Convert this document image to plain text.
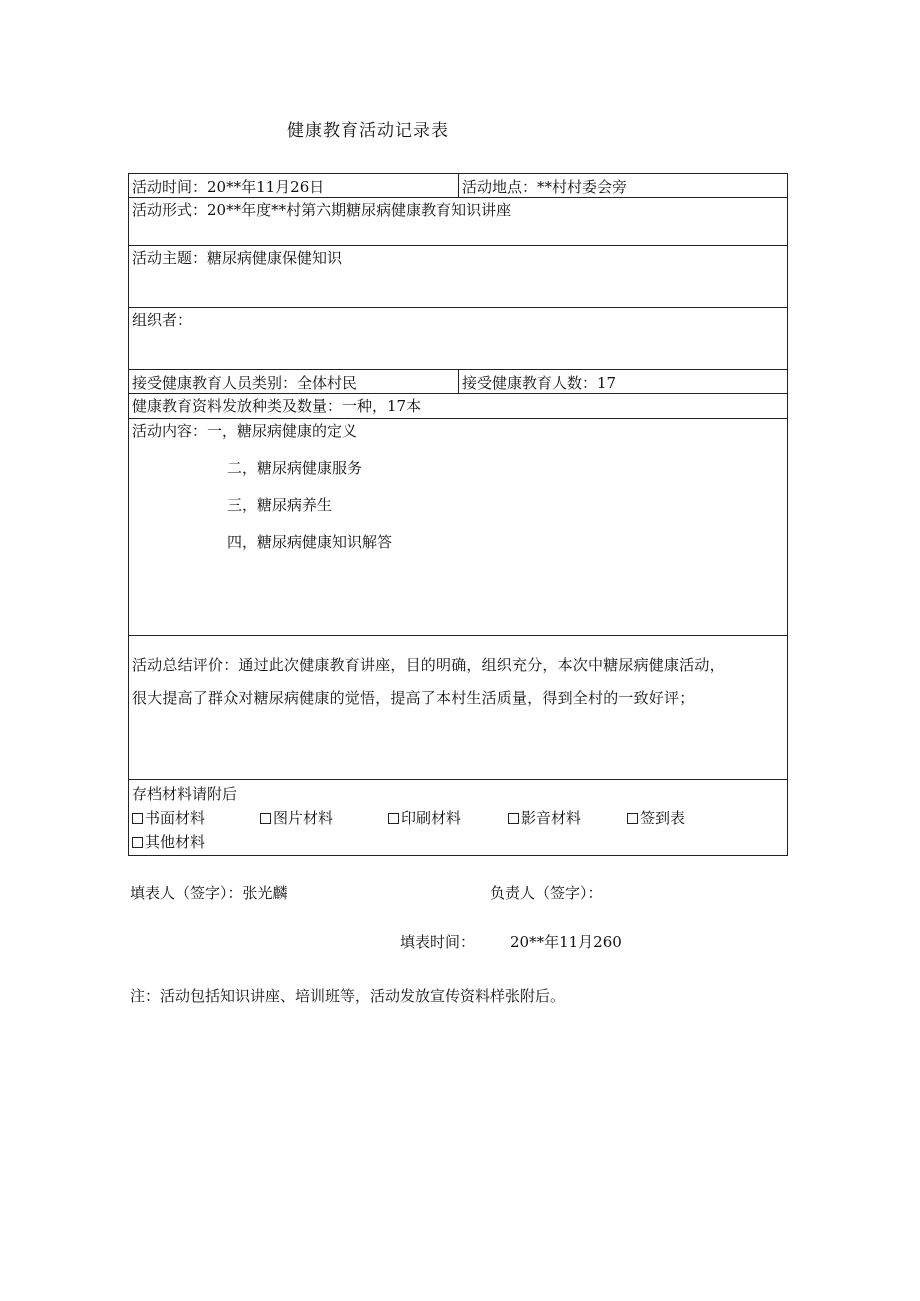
健康教育活动记录表
活动时间：20**年11月26日	活动地点：**村村委会旁
活动形式：20**年度**村第六期糖尿病健康教育知识讲座
活动主题：糖尿病健康保健知识
组织者：
接受健康教育人员类别：全体村民	接受健康教育人数：17
健康教育资料发放种类及数量：一种，17本
活动内容：一，糖尿病健康的定义
二，糖尿病健康服务
三，糖尿病养生
四，糖尿病健康知识解答
活动总结评价：通过此次健康教育讲座，目的明确，组织充分，本次中糖尿病健康活动，
很大提高了群众对糖尿病健康的觉悟，提高了本村生活质量，得到全村的一致好评；
存档材料请附后
书面材料	图片材料	印刷材料	影音材料	签到表
其他材料
填表人（签字）：张光麟	负责人（签字）：
填表时间： 20**年11月260
注：活动包括知识讲座、培训班等，活动发放宣传资料样张附后。
